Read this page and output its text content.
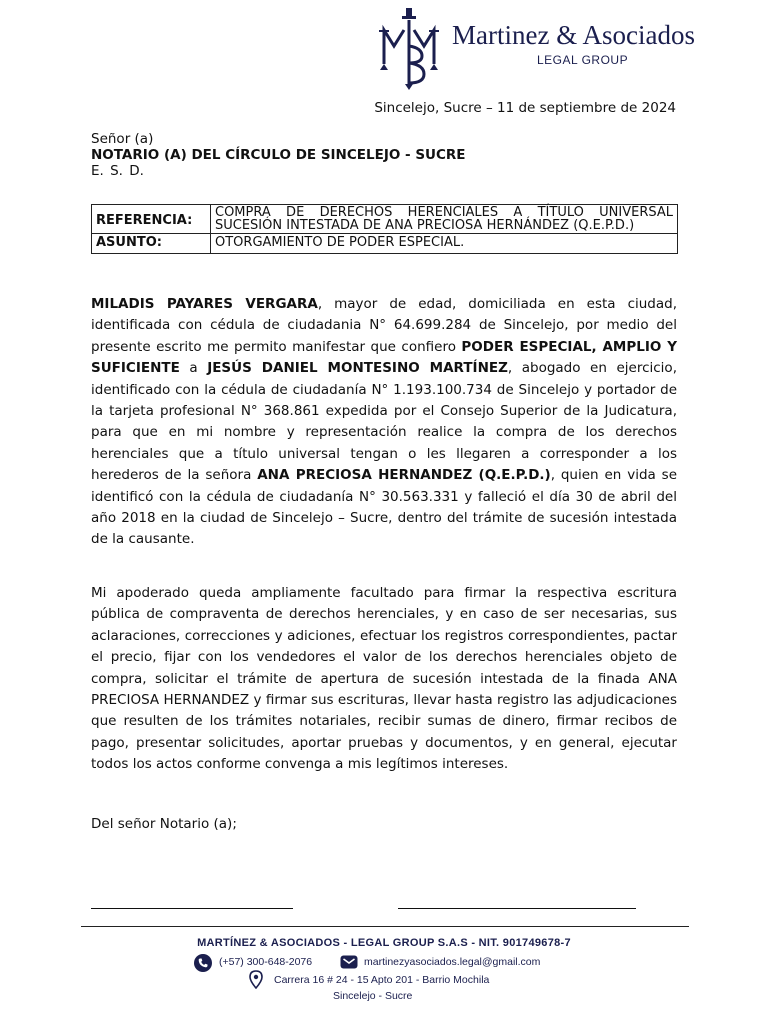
Martinez & Asociados
LEGAL GROUP
Sincelejo, Sucre – 11 de septiembre de 2024
Señor (a)
NOTARIO (A) DEL CÍRCULO DE SINCELEJO - SUCRE
E. S. D.
REFERENCIA:	COMPRA DE DERECHOS HERENCIALES A TÍTULO UNIVERSAL SUCESIÓN INTESTADA DE ANA PRECIOSA HERNÁNDEZ (Q.E.P.D.)
ASUNTO:	OTORGAMIENTO DE PODER ESPECIAL.
MILADIS PAYARES VERGARA, mayor de edad, domiciliada en esta ciudad, identificada con cédula de ciudadania N° 64.699.284 de Sincelejo, por medio del presente escrito me permito manifestar que confiero PODER ESPECIAL, AMPLIO Y SUFICIENTE a JESÚS DANIEL MONTESINO MARTÍNEZ, abogado en ejercicio, identificado con la cédula de ciudadanía N° 1.193.100.734 de Sincelejo y portador de la tarjeta profesional N° 368.861 expedida por el Consejo Superior de la Judicatura, para que en mi nombre y representación realice la compra de los derechos herenciales que a título universal tengan o les llegaren a corresponder a los herederos de la señora ANA PRECIOSA HERNANDEZ (Q.E.P.D.), quien en vida se identificó con la cédula de ciudadanía N° 30.563.331 y falleció el día 30 de abril del año 2018 en la ciudad de Sincelejo – Sucre, dentro del trámite de sucesión intestada de la causante.
Mi apoderado queda ampliamente facultado para firmar la respectiva escritura pública de compraventa de derechos herenciales, y en caso de ser necesarias, sus aclaraciones, correcciones y adiciones, efectuar los registros correspondientes, pactar el precio, fijar con los vendedores el valor de los derechos herenciales objeto de compra, solicitar el trámite de apertura de sucesión intestada de la finada ANA PRECIOSA HERNANDEZ y firmar sus escrituras, llevar hasta registro las adjudicaciones que resulten de los trámites notariales, recibir sumas de dinero, firmar recibos de pago, presentar solicitudes, aportar pruebas y documentos, y en general, ejecutar todos los actos conforme convenga a mis legítimos intereses.
Del señor Notario (a);
MARTÍNEZ & ASOCIADOS - LEGAL GROUP S.A.S - NIT. 901749678-7
(+57) 300-648-2076	martinezyasociados.legal@gmail.com
Carrera 16 # 24 - 15 Apto 201 - Barrio Mochila
Sincelejo - Sucre
